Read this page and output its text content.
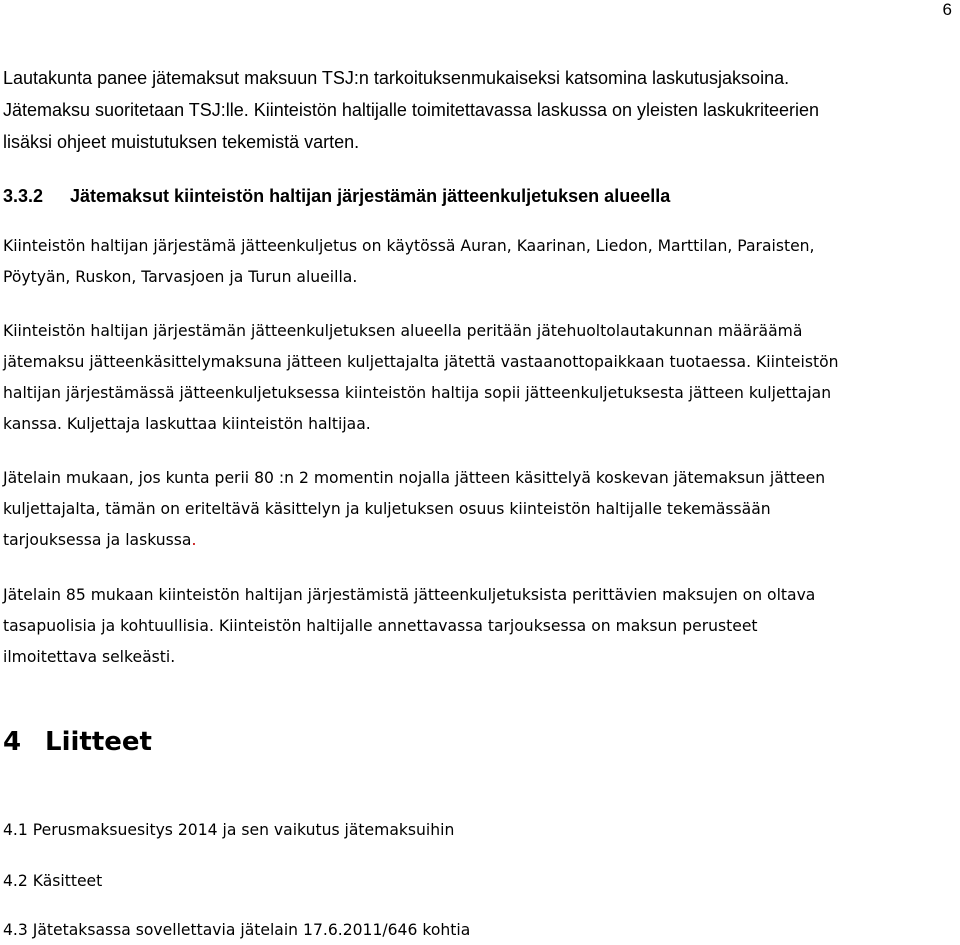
6

Lautakunta panee jätemaksut maksuun TSJ:n tarkoituksenmukaiseksi katsomina laskutusjaksoina.
Jätemaksu suoritetaan TSJ:lle. Kiinteistön haltijalle toimitettavassa laskussa on yleisten laskukriteerien
lisäksi ohjeet muistutuksen tekemistä varten.

3.3.2 Jätemaksut kiinteistön haltijan järjestämän jätteenkuljetuksen alueella

Kiinteistön haltijan järjestämä jätteenkuljetus on käytössä Auran, Kaarinan, Liedon, Marttilan, Paraisten,
Pöytyän, Ruskon, Tarvasjoen ja Turun alueilla.

Kiinteistön haltijan järjestämän jätteenkuljetuksen alueella peritään jätehuoltolautakunnan määräämä
jätemaksu jätteenkäsittelymaksuna jätteen kuljettajalta jätettä vastaanottopaikkaan tuotaessa. Kiinteistön
haltijan järjestämässä jätteenkuljetuksessa kiinteistön haltija sopii jätteenkuljetuksesta jätteen kuljettajan
kanssa. Kuljettaja laskuttaa kiinteistön haltijaa.

Jätelain mukaan, jos kunta perii 80 :n 2 momentin nojalla jätteen käsittelyä koskevan jätemaksun jätteen
kuljettajalta, tämän on eriteltävä käsittelyn ja kuljetuksen osuus kiinteistön haltijalle tekemässään
tarjouksessa ja laskussa.

Jätelain 85 mukaan kiinteistön haltijan järjestämistä jätteenkuljetuksista perittävien maksujen on oltava
tasapuolisia ja kohtuullisia. Kiinteistön haltijalle annettavassa tarjouksessa on maksun perusteet
ilmoitettava selkeästi.

4 Liitteet

4.1 Perusmaksuesitys 2014 ja sen vaikutus jätemaksuihin

4.2 Käsitteet

4.3 Jätetaksassa sovellettavia jätelain 17.6.2011/646 kohtia
